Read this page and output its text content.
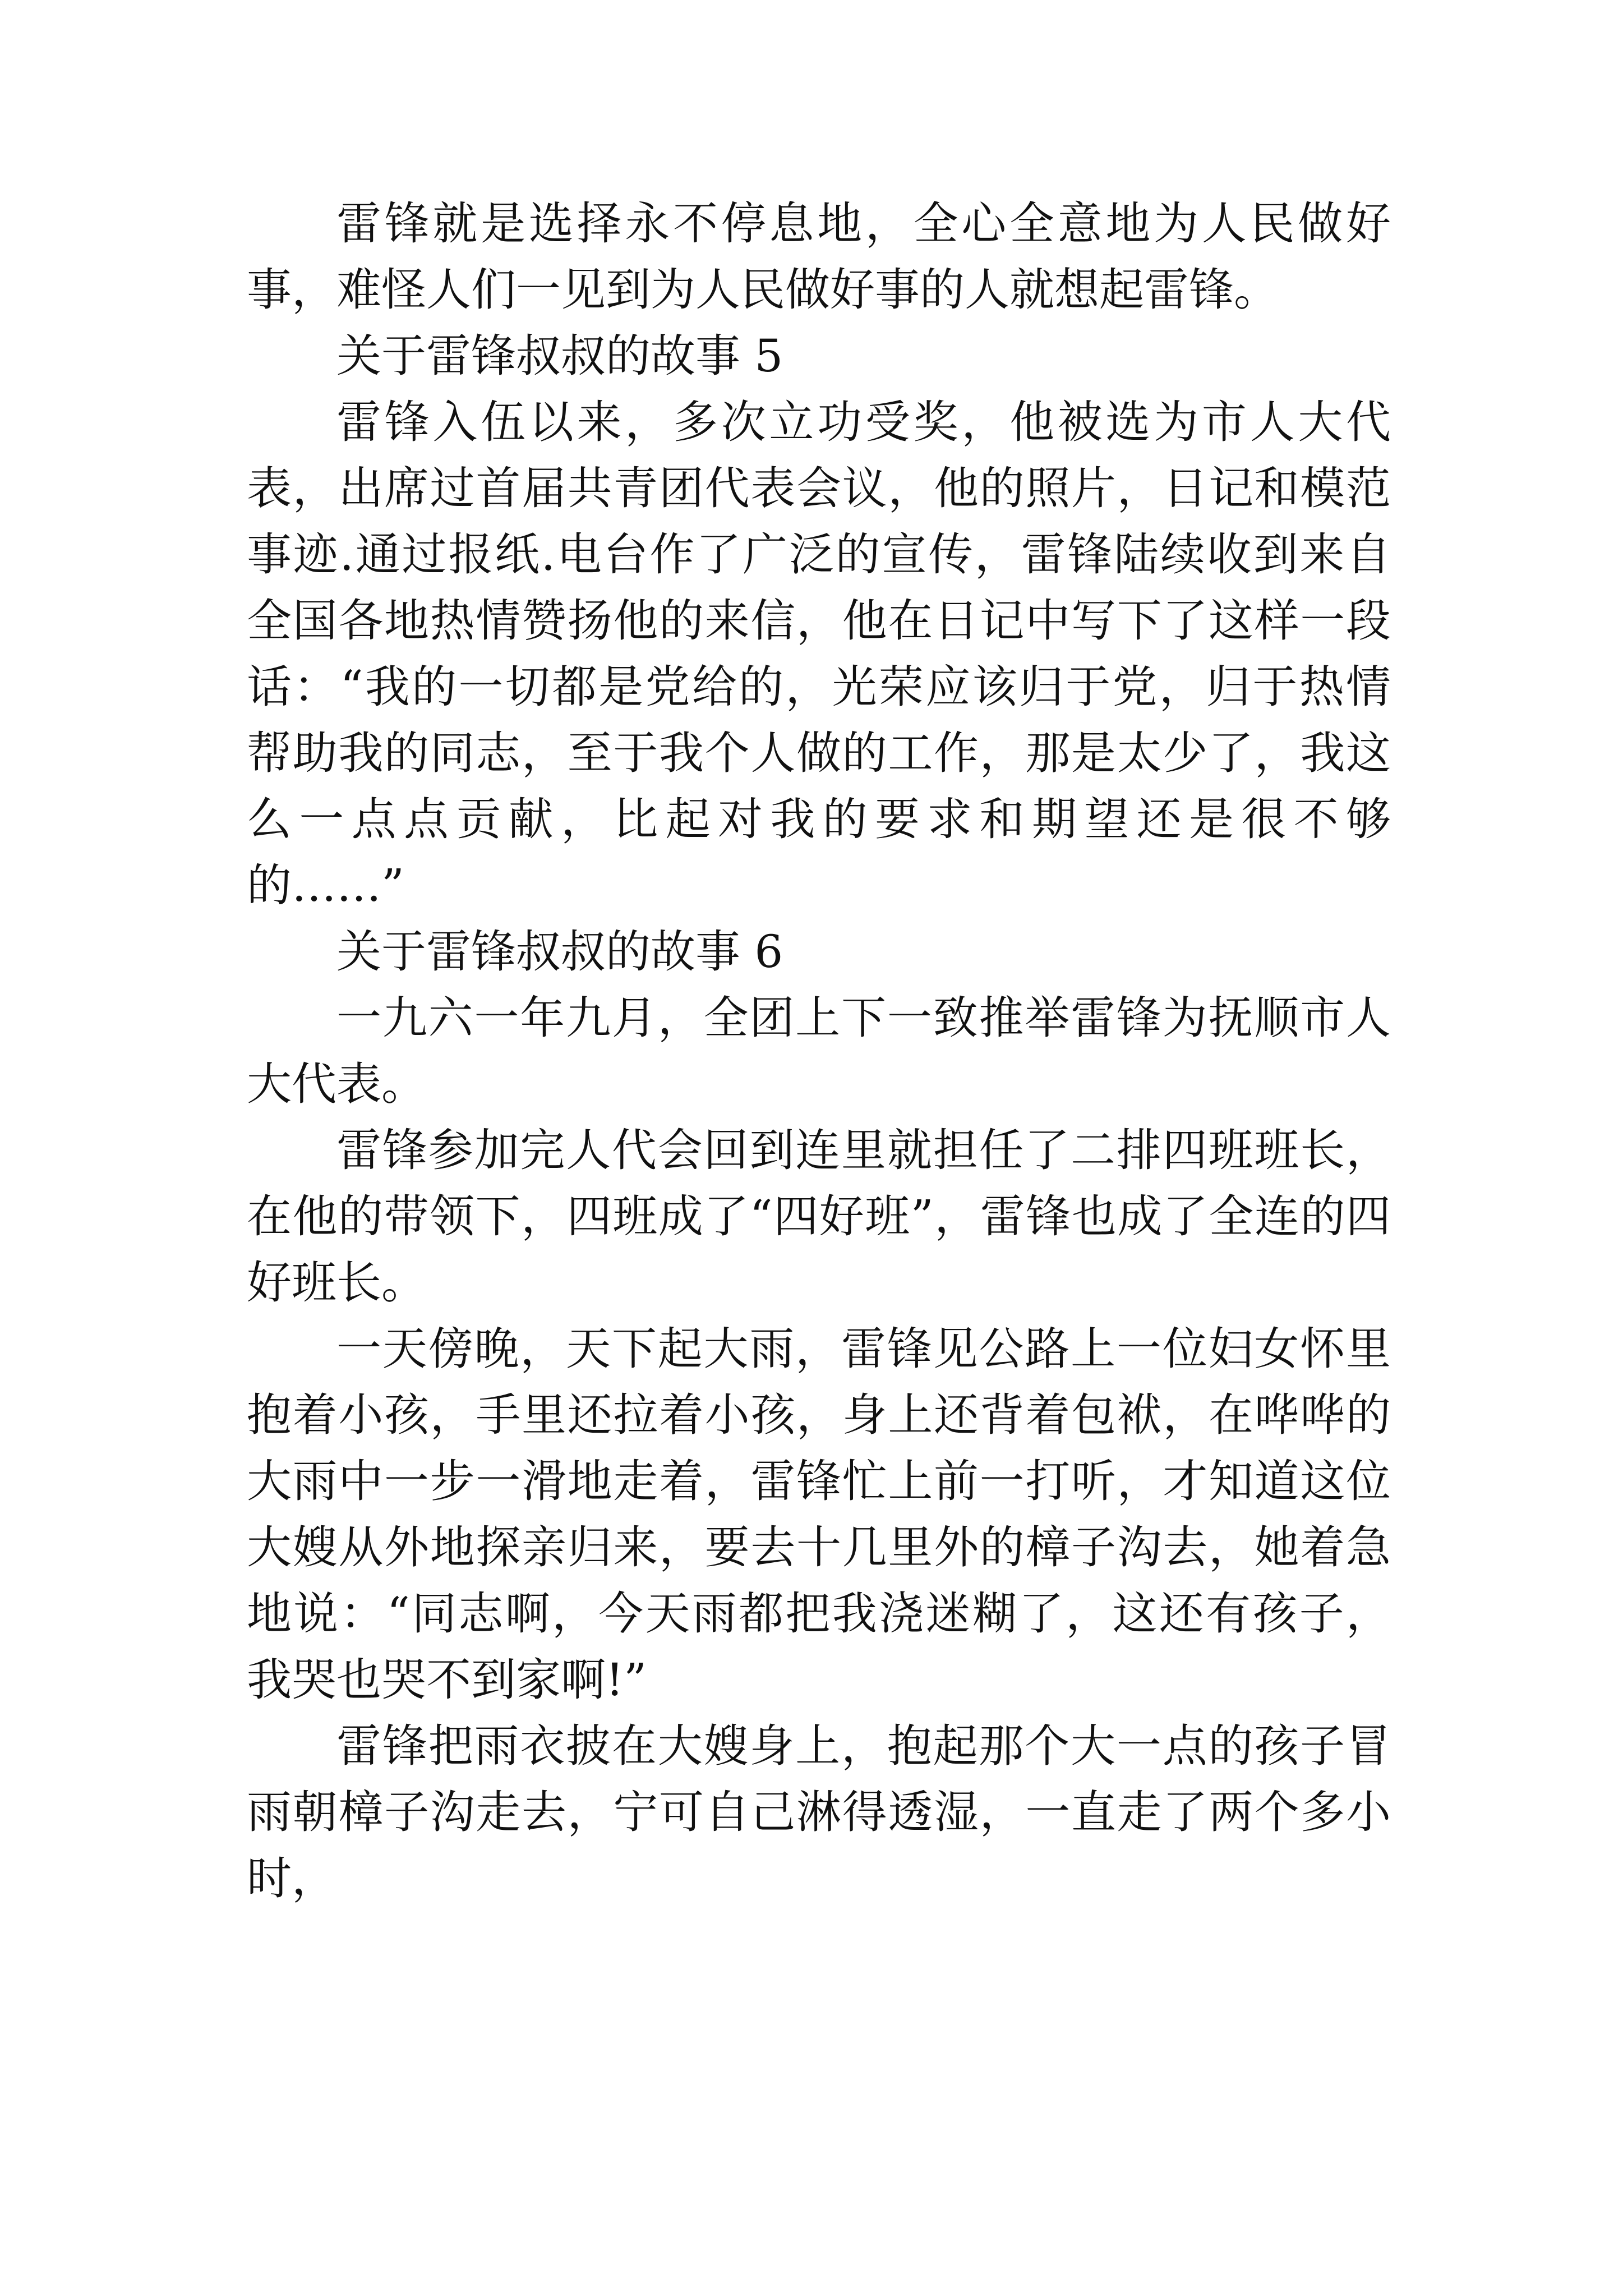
雷锋就是选择永不停息地，全心全意地为人民做好事，难怪人们一见到为人民做好事的人就想起雷锋。

关于雷锋叔叔的故事 5

雷锋入伍以来，多次立功受奖，他被选为市人大代表，出席过首届共青团代表会议，他的照片，日记和模范事迹.通过报纸.电台作了广泛的宣传，雷锋陆续收到来自全国各地热情赞扬他的来信，他在日记中写下了这样一段话：“我的一切都是党给的，光荣应该归于党，归于热情帮助我的同志，至于我个人做的工作，那是太少了，我这么一点点贡献，比起对我的要求和期望还是很不够的……”

关于雷锋叔叔的故事 6

一九六一年九月，全团上下一致推举雷锋为抚顺市人大代表。

雷锋参加完人代会回到连里就担任了二排四班班长，在他的带领下，四班成了“四好班”，雷锋也成了全连的四好班长。

一天傍晚，天下起大雨，雷锋见公路上一位妇女怀里抱着小孩，手里还拉着小孩，身上还背着包袱，在哗哗的大雨中一步一滑地走着，雷锋忙上前一打听，才知道这位大嫂从外地探亲归来，要去十几里外的樟子沟去，她着急地说：“同志啊，今天雨都把我浇迷糊了，这还有孩子，我哭也哭不到家啊!”

雷锋把雨衣披在大嫂身上，抱起那个大一点的孩子冒雨朝樟子沟走去，宁可自己淋得透湿，一直走了两个多小时，
